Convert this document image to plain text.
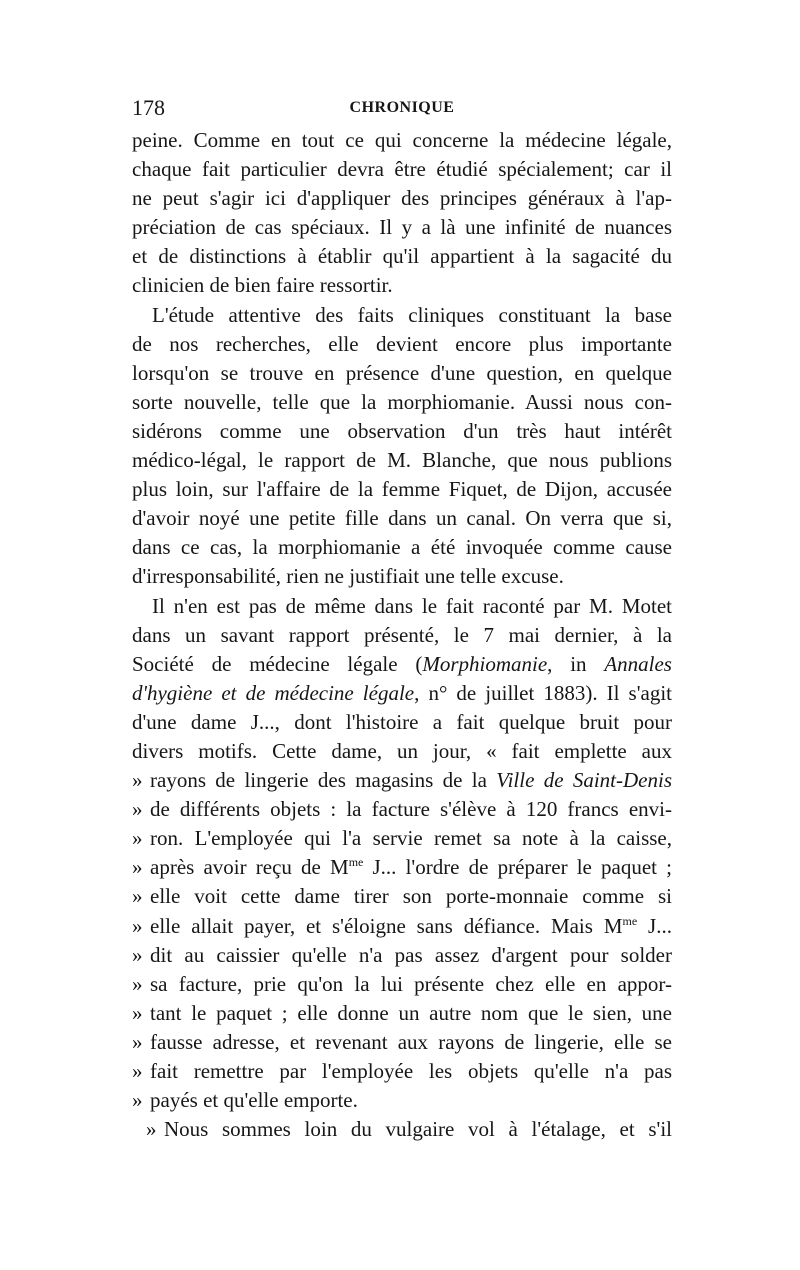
178	CHRONIQUE
peine. Comme en tout ce qui concerne la médecine légale,
chaque fait particulier devra être étudié spécialement; car il
ne peut s'agir ici d'appliquer des principes généraux à l'ap-
préciation de cas spéciaux. Il y a là une infinité de nuances
et de distinctions à établir qu'il appartient à la sagacité du
clinicien de bien faire ressortir.
L'étude attentive des faits cliniques constituant la base
de nos recherches, elle devient encore plus importante
lorsqu'on se trouve en présence d'une question, en quelque
sorte nouvelle, telle que la morphiomanie. Aussi nous con-
sidérons comme une observation d'un très haut intérêt
médico-légal, le rapport de M. Blanche, que nous publions
plus loin, sur l'affaire de la femme Fiquet, de Dijon, accusée
d'avoir noyé une petite fille dans un canal. On verra que si,
dans ce cas, la morphiomanie a été invoquée comme cause
d'irresponsabilité, rien ne justifiait une telle excuse.
Il n'en est pas de même dans le fait raconté par M. Motet
dans un savant rapport présenté, le 7 mai dernier, à la
Société de médecine légale (Morphiomanie, in Annales
d'hygiène et de médecine légale, n° de juillet 1883). Il s'agit
d'une dame J..., dont l'histoire a fait quelque bruit pour
divers motifs. Cette dame, un jour, « fait emplette aux
» rayons de lingerie des magasins de la Ville de Saint-Denis
» de différents objets : la facture s'élève à 120 francs envi-
» ron. L'employée qui l'a servie remet sa note à la caisse,
» après avoir reçu de $M^{me}$ J... l'ordre de préparer le paquet ;
» elle voit cette dame tirer son porte-monnaie comme si
» elle allait payer, et s'éloigne sans défiance. Mais $M^{me}$ J...
» dit au caissier qu'elle n'a pas assez d'argent pour solder
» sa facture, prie qu'on la lui présente chez elle en appor-
» tant le paquet ; elle donne un autre nom que le sien, une
» fausse adresse, et revenant aux rayons de lingerie, elle se
» fait remettre par l'employée les objets qu'elle n'a pas
» payés et qu'elle emporte.
» Nous sommes loin du vulgaire vol à l'étalage, et s'il
